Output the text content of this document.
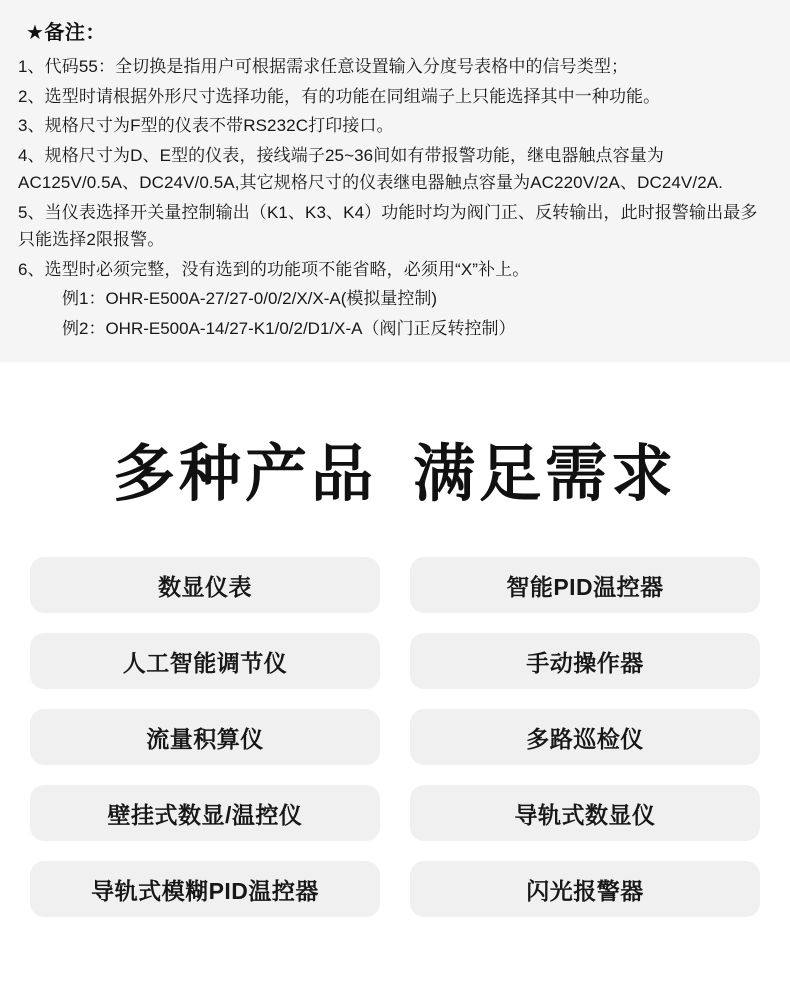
★备注：

1、代码55：全切换是指用户可根据需求任意设置输入分度号表格中的信号类型；

2、选型时请根据外形尺寸选择功能，有的功能在同组端子上只能选择其中一种功能。

3、规格尺寸为F型的仪表不带RS232C打印接口。

4、规格尺寸为D、E型的仪表，接线端子25~36间如有带报警功能，继电器触点容量为AC125V/0.5A、DC24V/0.5A,其它规格尺寸的仪表继电器触点容量为AC220V/2A、DC24V/2A.

5、当仪表选择开关量控制输出（K1、K3、K4）功能时均为阀门正、反转输出，此时报警输出最多只能选择2限报警。

6、选型时必须完整，没有选到的功能项不能省略，必须用“X”补上。

例1：OHR-E500A-27/27-0/0/2/X/X-A(模拟量控制)

例2：OHR-E500A-14/27-K1/0/2/D1/X-A（阀门正反转控制）

多种产品 满足需求
数显仪表	智能PID温控器
人工智能调节仪	手动操作器
流量积算仪	多路巡检仪
壁挂式数显/温控仪	导轨式数显仪
导轨式模糊PID温控器	闪光报警器
